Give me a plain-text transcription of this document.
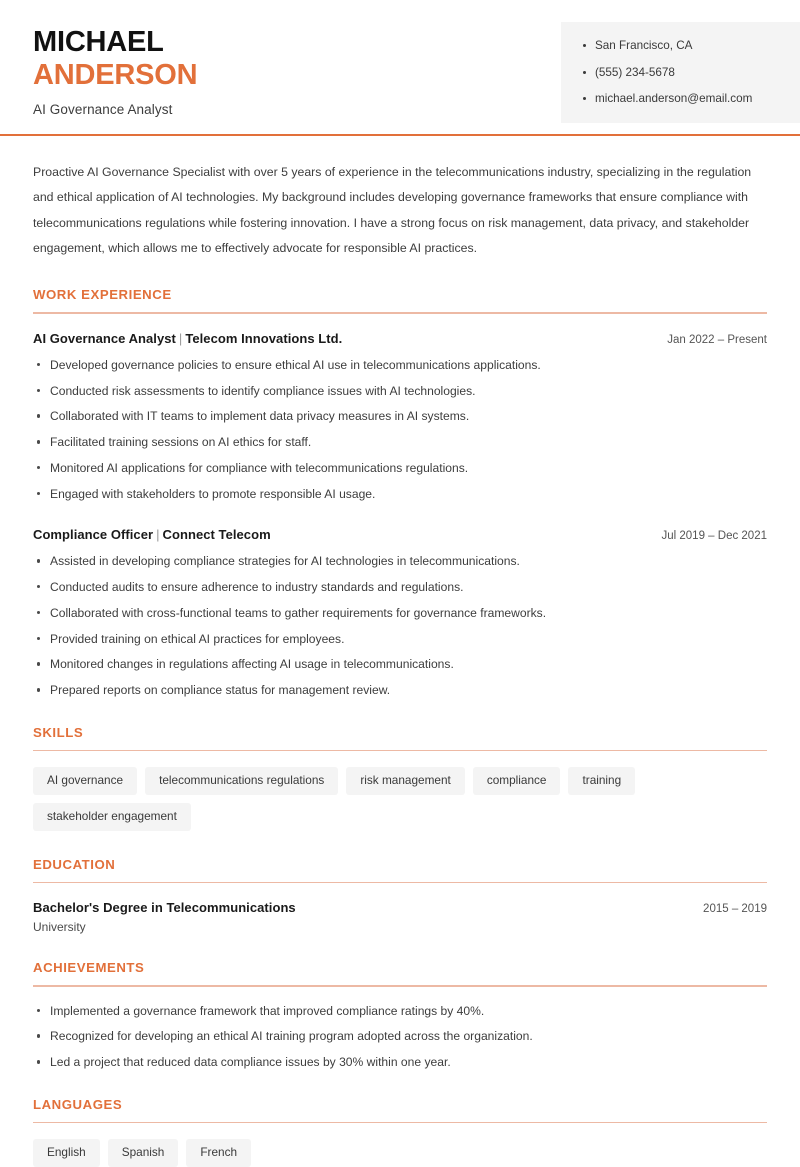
MICHAEL
ANDERSON
AI Governance Analyst
San Francisco, CA
(555) 234-5678
michael.anderson@email.com

Proactive AI Governance Specialist with over 5 years of experience in the telecommunications industry, specializing in the regulation and ethical application of AI technologies. My background includes developing governance frameworks that ensure compliance with telecommunications regulations while fostering innovation. I have a strong focus on risk management, data privacy, and stakeholder engagement, which allows me to effectively advocate for responsible AI practices.

WORK EXPERIENCE
AI Governance Analyst | Telecom Innovations Ltd.	Jan 2022 – Present
Developed governance policies to ensure ethical AI use in telecommunications applications.
Conducted risk assessments to identify compliance issues with AI technologies.
Collaborated with IT teams to implement data privacy measures in AI systems.
Facilitated training sessions on AI ethics for staff.
Monitored AI applications for compliance with telecommunications regulations.
Engaged with stakeholders to promote responsible AI usage.
Compliance Officer | Connect Telecom	Jul 2019 – Dec 2021
Assisted in developing compliance strategies for AI technologies in telecommunications.
Conducted audits to ensure adherence to industry standards and regulations.
Collaborated with cross-functional teams to gather requirements for governance frameworks.
Provided training on ethical AI practices for employees.
Monitored changes in regulations affecting AI usage in telecommunications.
Prepared reports on compliance status for management review.
SKILLS
AI governance	telecommunications regulations	risk management	compliance	training
stakeholder engagement
EDUCATION
Bachelor's Degree in Telecommunications	2015 – 2019
University
ACHIEVEMENTS
Implemented a governance framework that improved compliance ratings by 40%.
Recognized for developing an ethical AI training program adopted across the organization.
Led a project that reduced data compliance issues by 30% within one year.
LANGUAGES
English	Spanish	French
